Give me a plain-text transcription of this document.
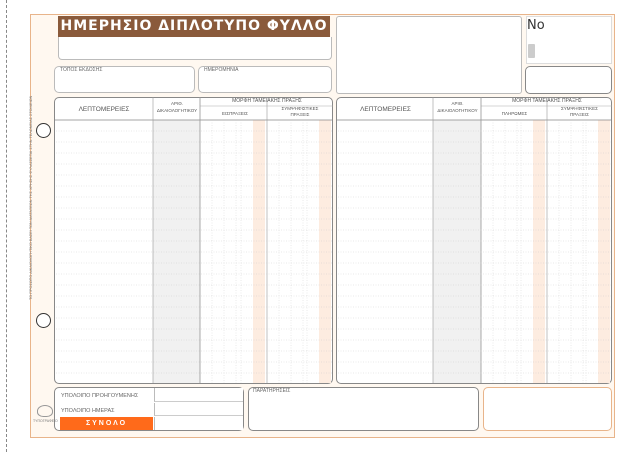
ΤΟ ΠΡΟΣΩΠΟ ΔΙΚΑΙΟΛΟΓΗΤΙΚΟ ΒΑΣΕΙ ΤΩΝ ΔΙΑΤΑΞΕΩΝ ΤΗΣ ΧΡΗΣΗΣ ΦΥΛΑΣΣΕΤΑΙ ΣΤΗΝ ΤΕΛΩΝΕΙΑΣ ΣΤΟΙΧΕΙΩΝ
ΗΜΕΡΗΣΙΟ ΔΙΠΛΟΤΥΠΟ ΦΥΛΛΟ	No
ΤΟΠΟΣ ΕΚΔΟΣΗΣ	ΗΜΕΡΟΜΗΝΙΑ
ΛΕΠΤΟΜΕΡΕΙΕΣ
ΑΡΙΘ.
ΔΙΚΑΙΟΛΟΓΗΤΙΚΟΥ
ΜΟΡΦΗ ΤΑΜΕΙΑΚΗΣ ΠΡΑΞΗΣ
ΕΙΣΠΡΑΞΕΙΣ
ΣΥΜΨΗΦΙΣΤΙΚΕΣ
ΠΡΑΞΕΙΣ
ΛΕΠΤΟΜΕΡΕΙΕΣ
ΑΡΙΘ.
ΔΙΚΑΙΟΛΟΓΗΤΙΚΟΥ
ΜΟΡΦΗ ΤΑΜΕΙΑΚΗΣ ΠΡΑΞΗΣ
ΠΛΗΡΩΜΕΣ
ΣΥΜΨΗΦΙΣΤΙΚΕΣ
ΠΡΑΞΕΙΣ
ΥΠΟΛΟΙΠΟ ΠΡΟΗΓΟΥΜΕΝΗΣ
ΥΠΟΛΟΙΠΟ ΗΜΕΡΑΣ
ΣΥΝΟΛΟ
ΠΑΡΑΤΗΡΗΣΕΙΣ
ΤΥΠΟΓΡΑΦΕΙΟ
